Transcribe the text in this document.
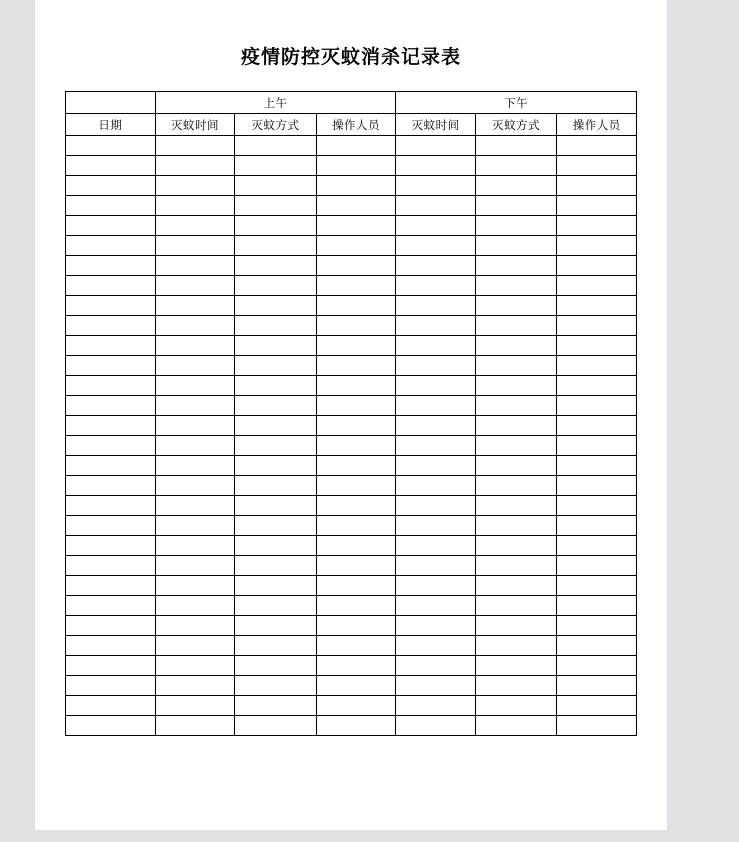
疫情防控灭蚊消杀记录表
	上午			下午		
日期	灭蚊时间	灭蚊方式	操作人员	灭蚊时间	灭蚊方式	操作人员
